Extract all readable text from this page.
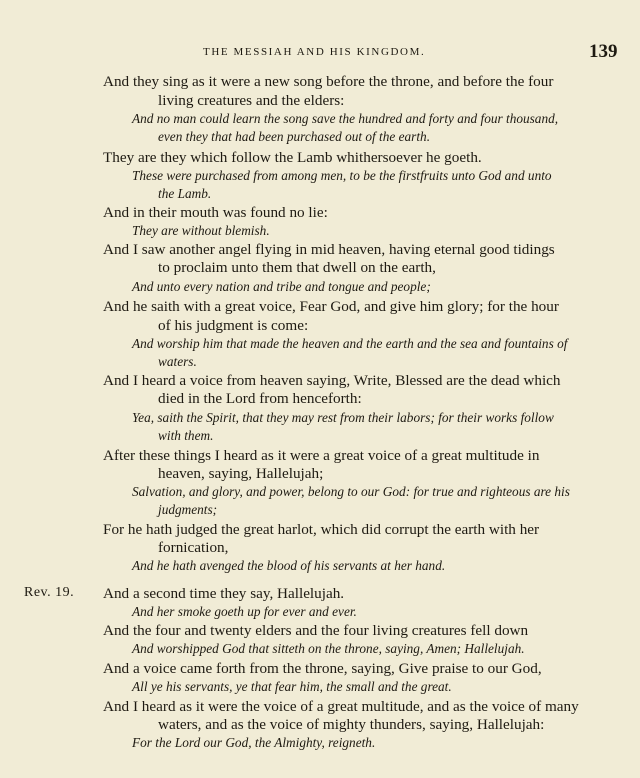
THE MESSIAH AND HIS KINGDOM.	139
Rev. 19.
And they sing as it were a new song before the throne, and before the four
living creatures and the elders:
And no man could learn the song save the hundred and forty and four thousand,
even they that had been purchased out of the earth.
They are they which follow the Lamb whithersoever he goeth.
These were purchased from among men, to be the firstfruits unto God and unto
the Lamb.
And in their mouth was found no lie:
They are without blemish.
And I saw another angel flying in mid heaven, having eternal good tidings
to proclaim unto them that dwell on the earth,
And unto every nation and tribe and tongue and people;
And he saith with a great voice, Fear God, and give him glory; for the hour
of his judgment is come:
And worship him that made the heaven and the earth and the sea and fountains of
waters.
And I heard a voice from heaven saying, Write, Blessed are the dead which
died in the Lord from henceforth:
Yea, saith the Spirit, that they may rest from their labors; for their works follow
with them.
After these things I heard as it were a great voice of a great multitude in
heaven, saying, Hallelujah;
Salvation, and glory, and power, belong to our God: for true and righteous are his
judgments;
For he hath judged the great harlot, which did corrupt the earth with her
fornication,
And he hath avenged the blood of his servants at her hand.
And a second time they say, Hallelujah.
And her smoke goeth up for ever and ever.
And the four and twenty elders and the four living creatures fell down
And worshipped God that sitteth on the throne, saying, Amen; Hallelujah.
And a voice came forth from the throne, saying, Give praise to our God,
All ye his servants, ye that fear him, the small and the great.
And I heard as it were the voice of a great multitude, and as the voice of many
waters, and as the voice of mighty thunders, saying, Hallelujah:
For the Lord our God, the Almighty, reigneth.
